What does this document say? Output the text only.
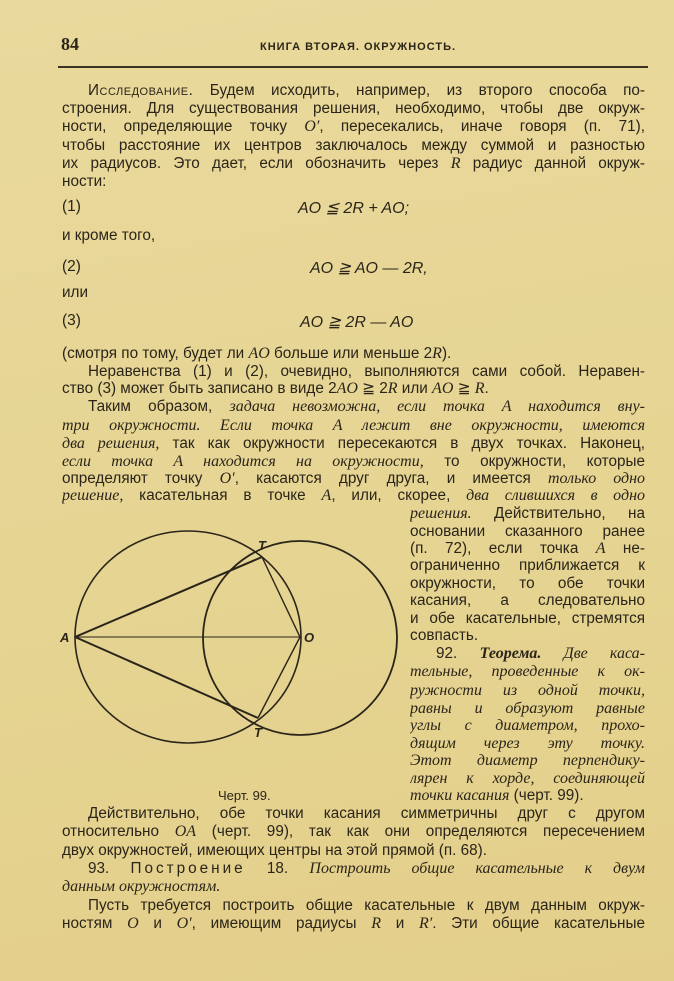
84	КНИГА ВТОРАЯ. ОКРУЖНОСТЬ.
(1)	AO ≦ 2R + AO;
(2)	AO ≧ AO — 2R,
(3)	AO ≧ 2R — AO
Исследование. Будем исходить, например, из второго способа по-
строения. Для существования решения, необходимо, чтобы две окруж-
ности, определяющие точку O′, пересекались, иначе говоря (п. 71),
чтобы расстояние их центров заключалось между суммой и разностью
их радиусов. Это дает, если обозначить через R радиус данной окруж-
ности:
и кроме того,
или
(смотря по тому, будет ли AO больше или меньше 2R).
Неравенства (1) и (2), очевидно, выполняются сами собой. Неравен-
ство (3) может быть записано в виде 2AO ≧ 2R или AO ≧ R.
Таким образом, задача невозможна, если точка A находится вну-
три окружности. Если точка A лежит вне окружности, имеются
два решения, так как окружности пересекаются в двух точках. Наконец,
если точка A находится на окружности, то окружности, которые
определяют точку O′, касаются друг друга, и имеется только одно
решение, касательная в точке A, или, скорее, два слившихся в одно
решения. Действительно, на
основании сказанного ранее
(п. 72), если точка A не-
ограниченно приближается к
окружности, то обе точки
касания, а следовательно
и обе касательные, стремятся
совпасть.
92. Теорема. Две каса-
тельные, проведенные к ок-
ружности из одной точки,
равны и образуют равные
углы с диаметром, прохо-
дящим через эту точку.
Этот диаметр перпендику-
лярен к хорде, соединяющей
точки касания (черт. 99).
Действительно, обе точки касания симметричны друг с другом
относительно OA (черт. 99), так как они определяются пересечением
двух окружностей, имеющих центры на этой прямой (п. 68).
93. Построение 18. Построить общие касательные к двум
данным окружностям.
Пусть требуется построить общие касательные к двум данным окруж-
ностям O и O′, имеющим радиусы R и R′. Эти общие касательные
A	O
T
T
Черт. 99.
